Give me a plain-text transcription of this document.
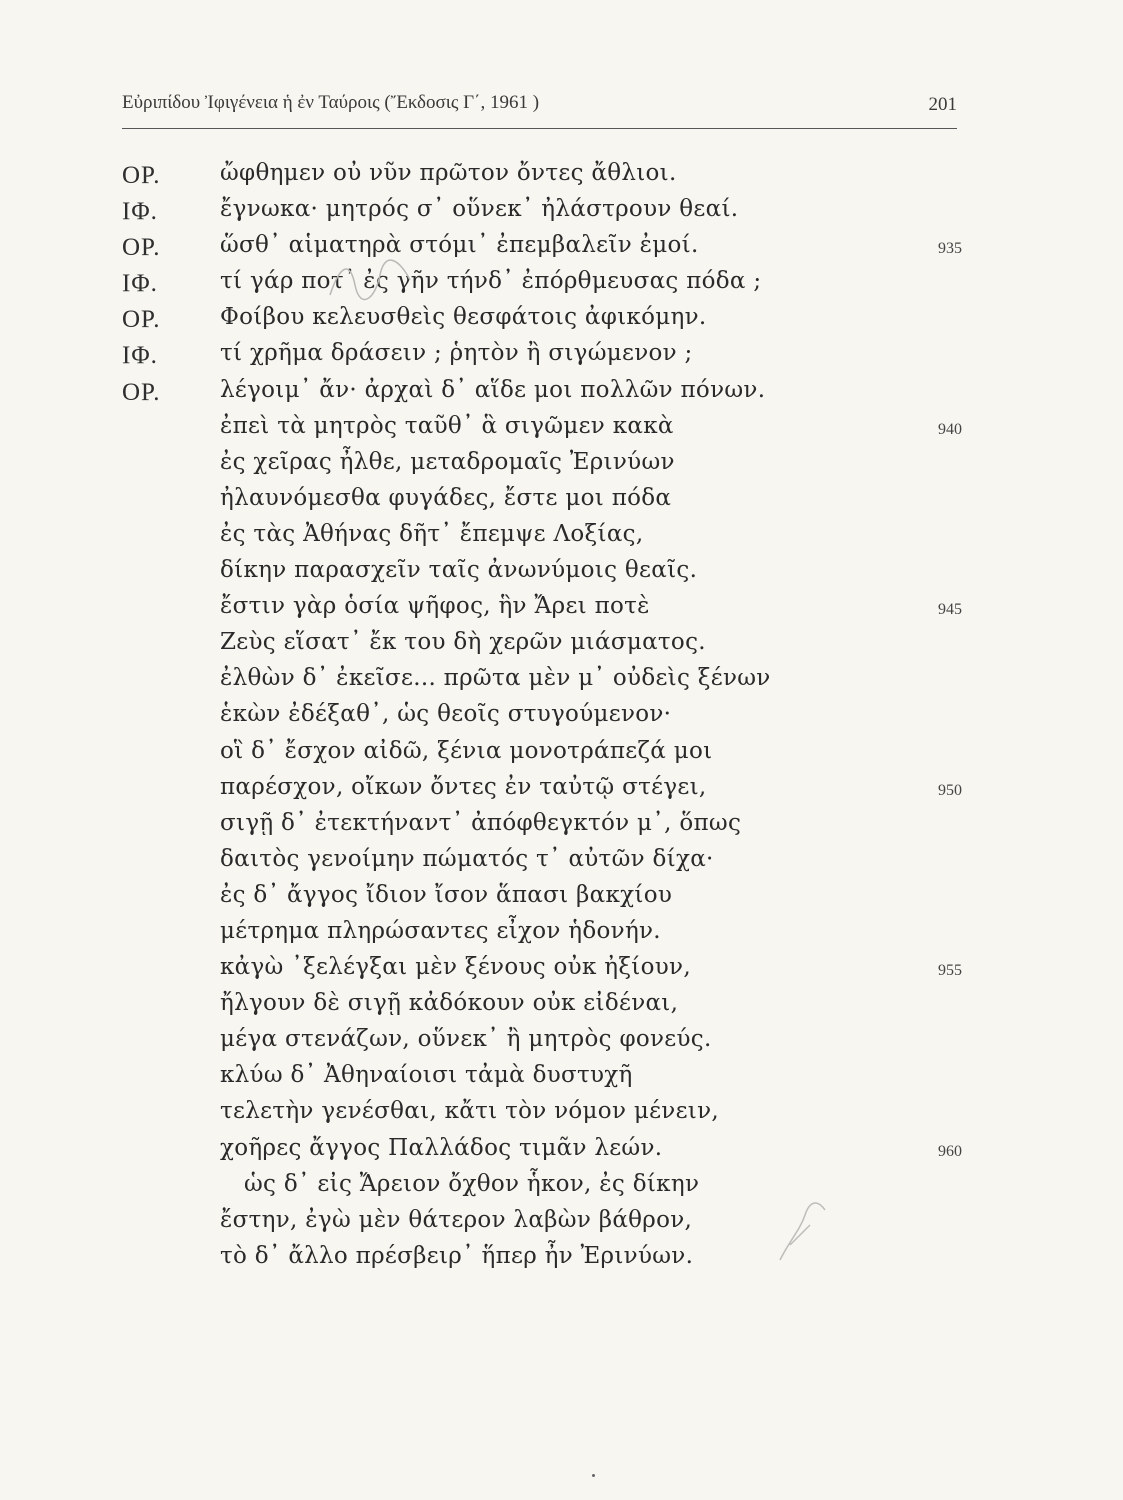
Εὐριπίδου Ἰφιγένεια ἡ ἐν Ταύροις (Ἔκδοσις Γ΄, 1961 )	201
ΟΡ.	ὤφθημεν οὐ νῦν πρῶτον ὄντες ἄθλιοι.
ΙΦ.	ἔγνωκα· μητρός σ᾽ οὕνεκ᾽ ἠλάστρουν θεαί.
ΟΡ.	ὥσθ᾽ αἱματηρὰ στόμι᾽ ἐπεμβαλεῖν ἐμοί.	935
ΙΦ.	τί γάρ ποτ᾽ ἐς γῆν τήνδ᾽ ἐπόρθμευσας πόδα ;
ΟΡ.	Φοίβου κελευσθεὶς θεσφάτοις ἀφικόμην.
ΙΦ.	τί χρῆμα δράσειν ; ῥητὸν ἢ σιγώμενον ;
ΟΡ.	λέγοιμ᾽ ἄν· ἀρχαὶ δ᾽ αἵδε μοι πολλῶν πόνων.
ἐπεὶ τὰ μητρὸς ταῦθ᾽ ἃ σιγῶμεν κακὰ	940
ἐς χεῖρας ἦλθε, μεταδρομαῖς Ἐρινύων
ἠλαυνόμεσθα φυγάδες, ἔστε μοι πόδα
ἐς τὰς Ἀθήνας δῆτ᾽ ἔπεμψε Λοξίας,
δίκην παρασχεῖν ταῖς ἀνωνύμοις θεαῖς.
ἔστιν γὰρ ὁσία ψῆφος, ἣν Ἄρει ποτὲ	945
Ζεὺς εἵσατ᾽ ἔκ του δὴ χερῶν μιάσματος.
ἐλθὼν δ᾽ ἐκεῖσε... πρῶτα μὲν μ᾽ οὐδεὶς ξένων
ἑκὼν ἐδέξαθ᾽, ὡς θεοῖς στυγούμενον·
οἳ δ᾽ ἔσχον αἰδῶ, ξένια μονοτράπεζά μοι
παρέσχον, οἴκων ὄντες ἐν ταὐτῷ στέγει,	950
σιγῇ δ᾽ ἐτεκτήναντ᾽ ἀπόφθεγκτόν μ᾽, ὅπως
δαιτὸς γενοίμην πώματός τ᾽ αὐτῶν δίχα·
ἐς δ᾽ ἄγγος ἴδιον ἴσον ἅπασι βακχίου
μέτρημα πληρώσαντες εἶχον ἡδονήν.
κἀγὼ ᾽ξελέγξαι μὲν ξένους οὐκ ἠξίουν,	955
ἤλγουν δὲ σιγῇ κἀδόκουν οὐκ εἰδέναι,
μέγα στενάζων, οὕνεκ᾽ ἢ μητρὸς φονεύς.
κλύω δ᾽ Ἀθηναίοισι τἀμὰ δυστυχῆ
τελετὴν γενέσθαι, κἄτι τὸν νόμον μένειν,
χοῆρες ἄγγος Παλλάδος τιμᾶν λεών.	960
ὡς δ᾽ εἰς Ἄρειον ὄχθον ἧκον, ἐς δίκην
ἔστην, ἐγὼ μὲν θάτερον λαβὼν βάθρον,
τὸ δ᾽ ἄλλο πρέσβειρ᾽ ἥπερ ἦν Ἐρινύων.
